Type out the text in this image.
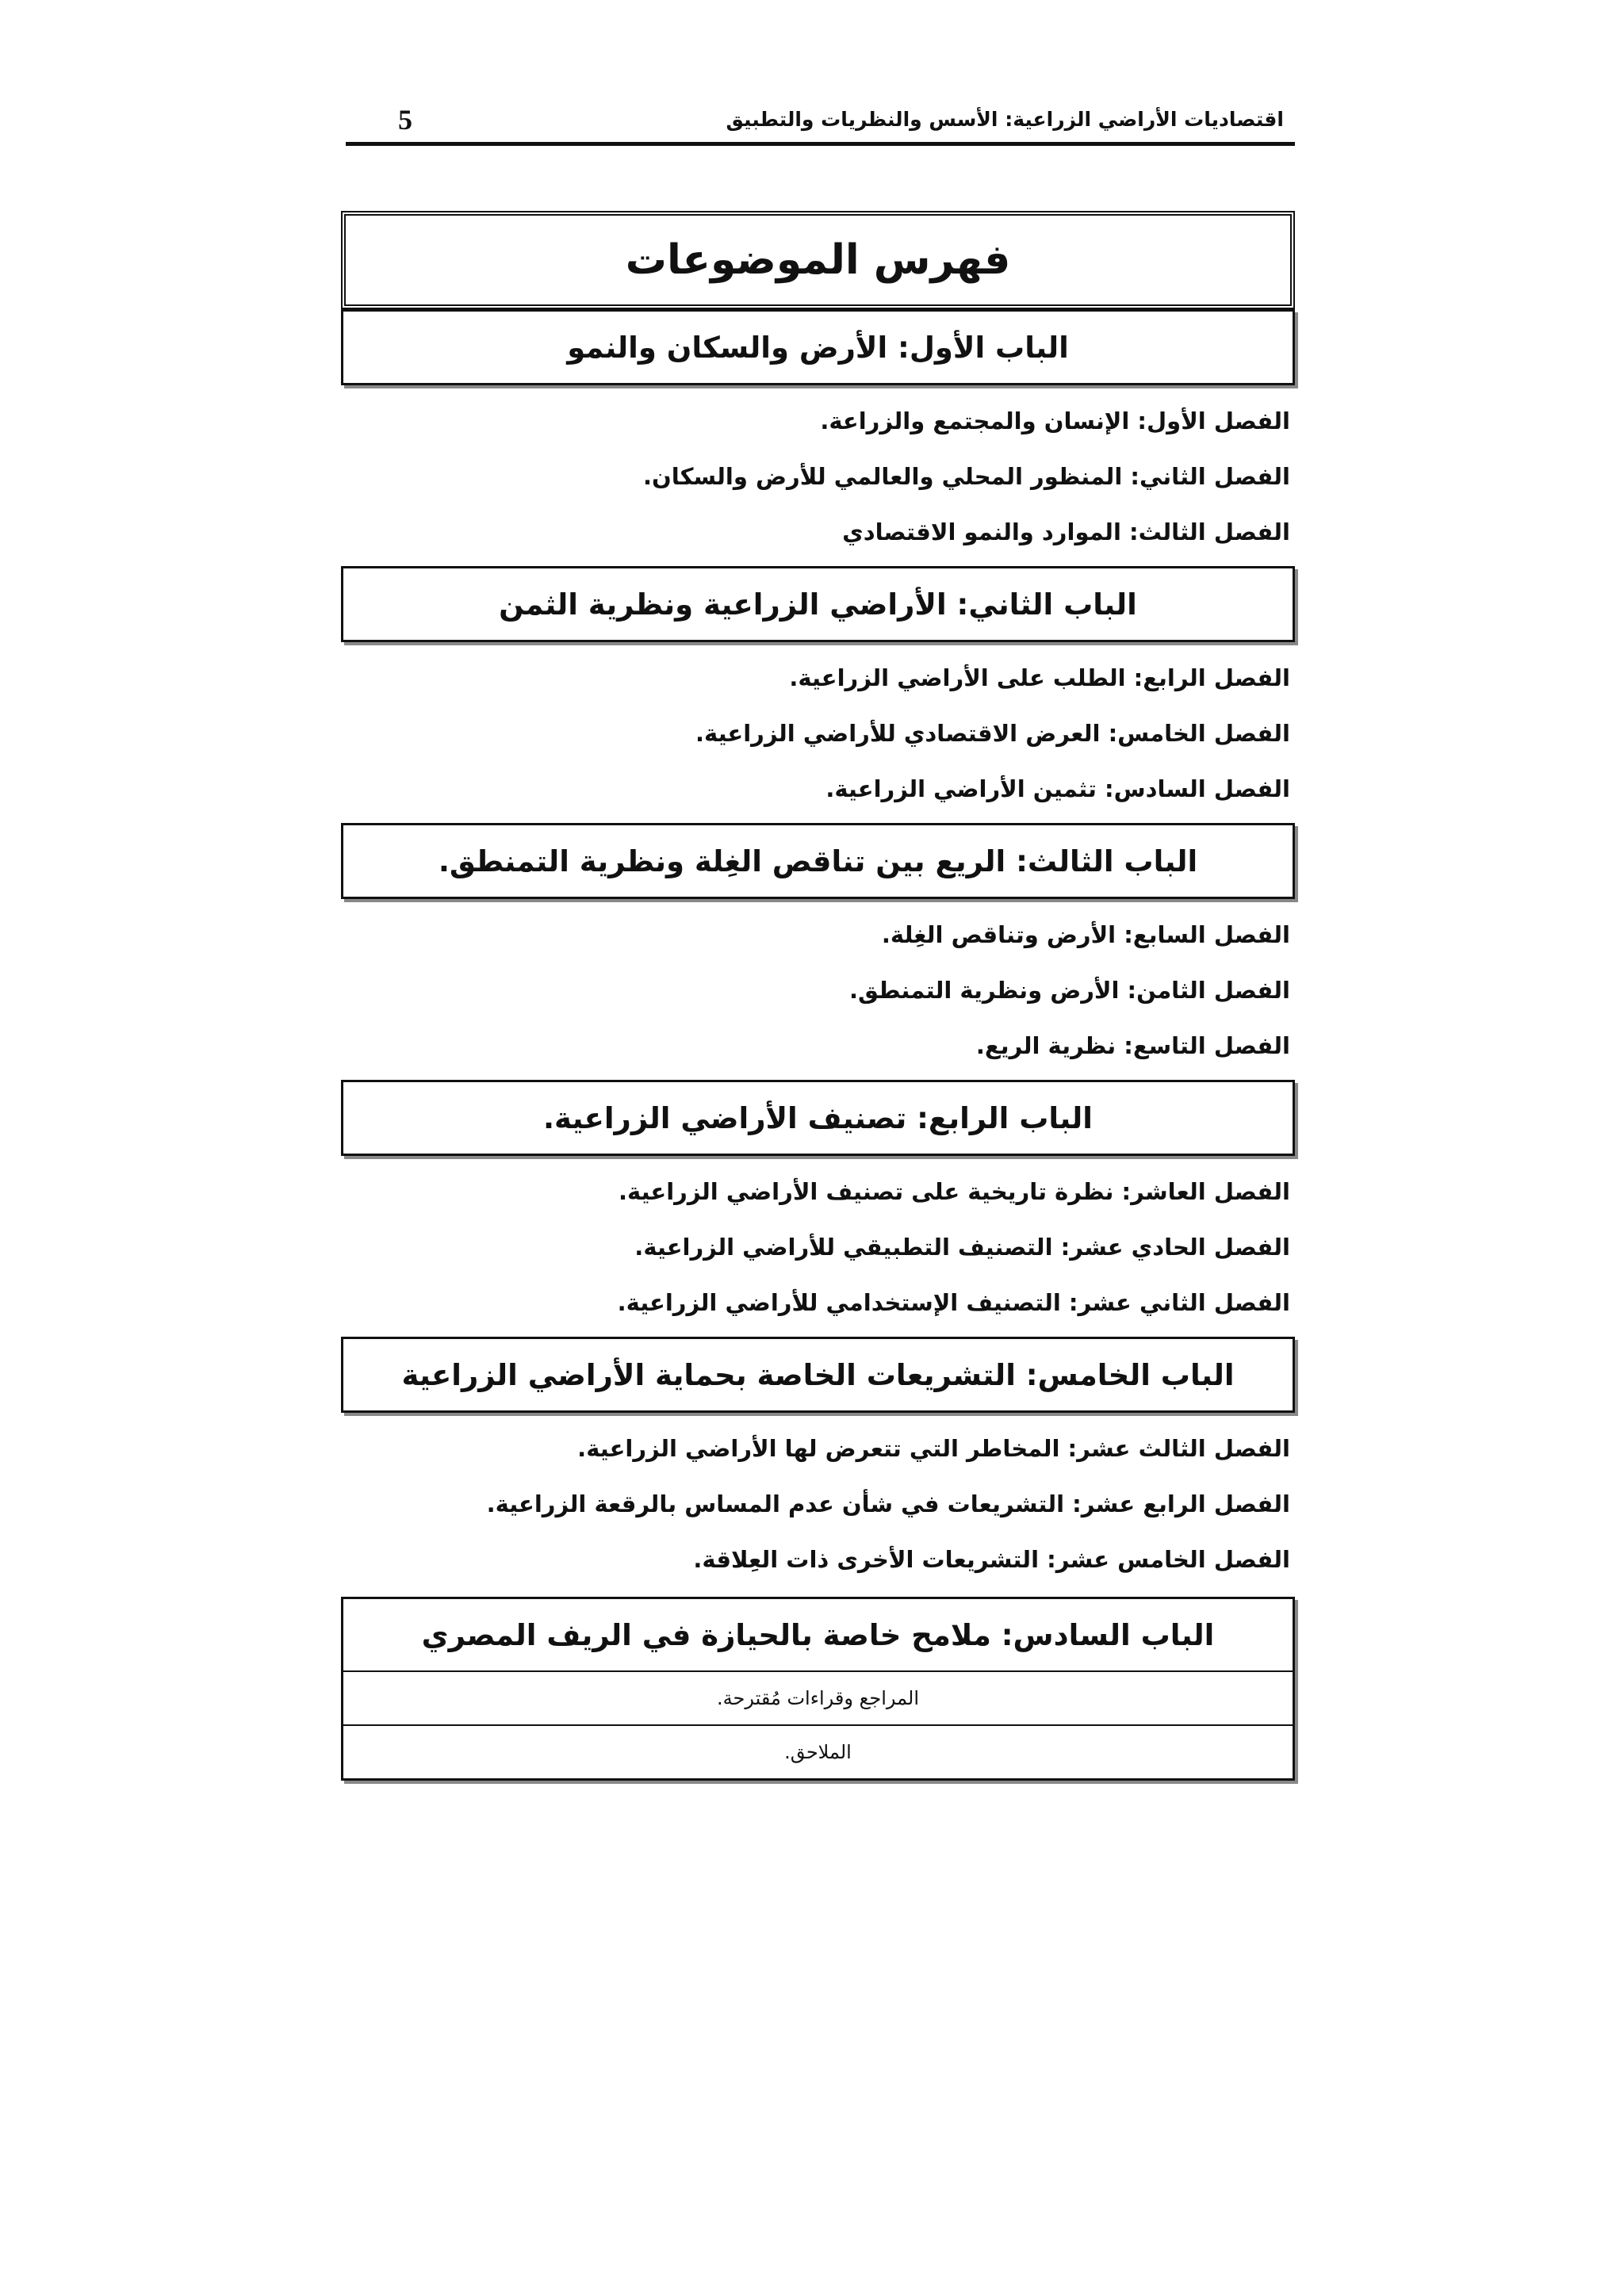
اقتصاديات الأراضي الزراعية: الأسس والنظريات والتطبيق
5
فهرس الموضوعات
الباب الأول: الأرض والسكان والنمو
الفصل الأول: الإنسان والمجتمع والزراعة.
الفصل الثاني: المنظور المحلي والعالمي للأرض والسكان.
الفصل الثالث: الموارد والنمو الاقتصادي
الباب الثاني: الأراضي الزراعية ونظرية الثمن
الفصل الرابع: الطلب على الأراضي الزراعية.
الفصل الخامس: العرض الاقتصادي للأراضي الزراعية.
الفصل السادس: تثمين الأراضي الزراعية.
الباب الثالث: الريع بين تناقص الغِلة ونظرية التمنطق.
الفصل السابع: الأرض وتناقص الغِلة.
الفصل الثامن: الأرض ونظرية التمنطق.
الفصل التاسع: نظرية الريع.
الباب الرابع: تصنيف الأراضي الزراعية.
الفصل العاشر: نظرة تاريخية على تصنيف الأراضي الزراعية.
الفصل الحادي عشر: التصنيف التطبيقي للأراضي الزراعية.
الفصل الثاني عشر: التصنيف الإستخدامي للأراضي الزراعية.
الباب الخامس: التشريعات الخاصة بحماية الأراضي الزراعية
الفصل الثالث عشر: المخاطر التي تتعرض لها الأراضي الزراعية.
الفصل الرابع عشر: التشريعات في شأن عدم المساس بالرقعة الزراعية.
الفصل الخامس عشر: التشريعات الأخرى ذات العِلاقة.
الباب السادس: ملامح خاصة بالحيازة في الريف المصري
المراجع وقراءات مُقترحة.
الملاحق.
